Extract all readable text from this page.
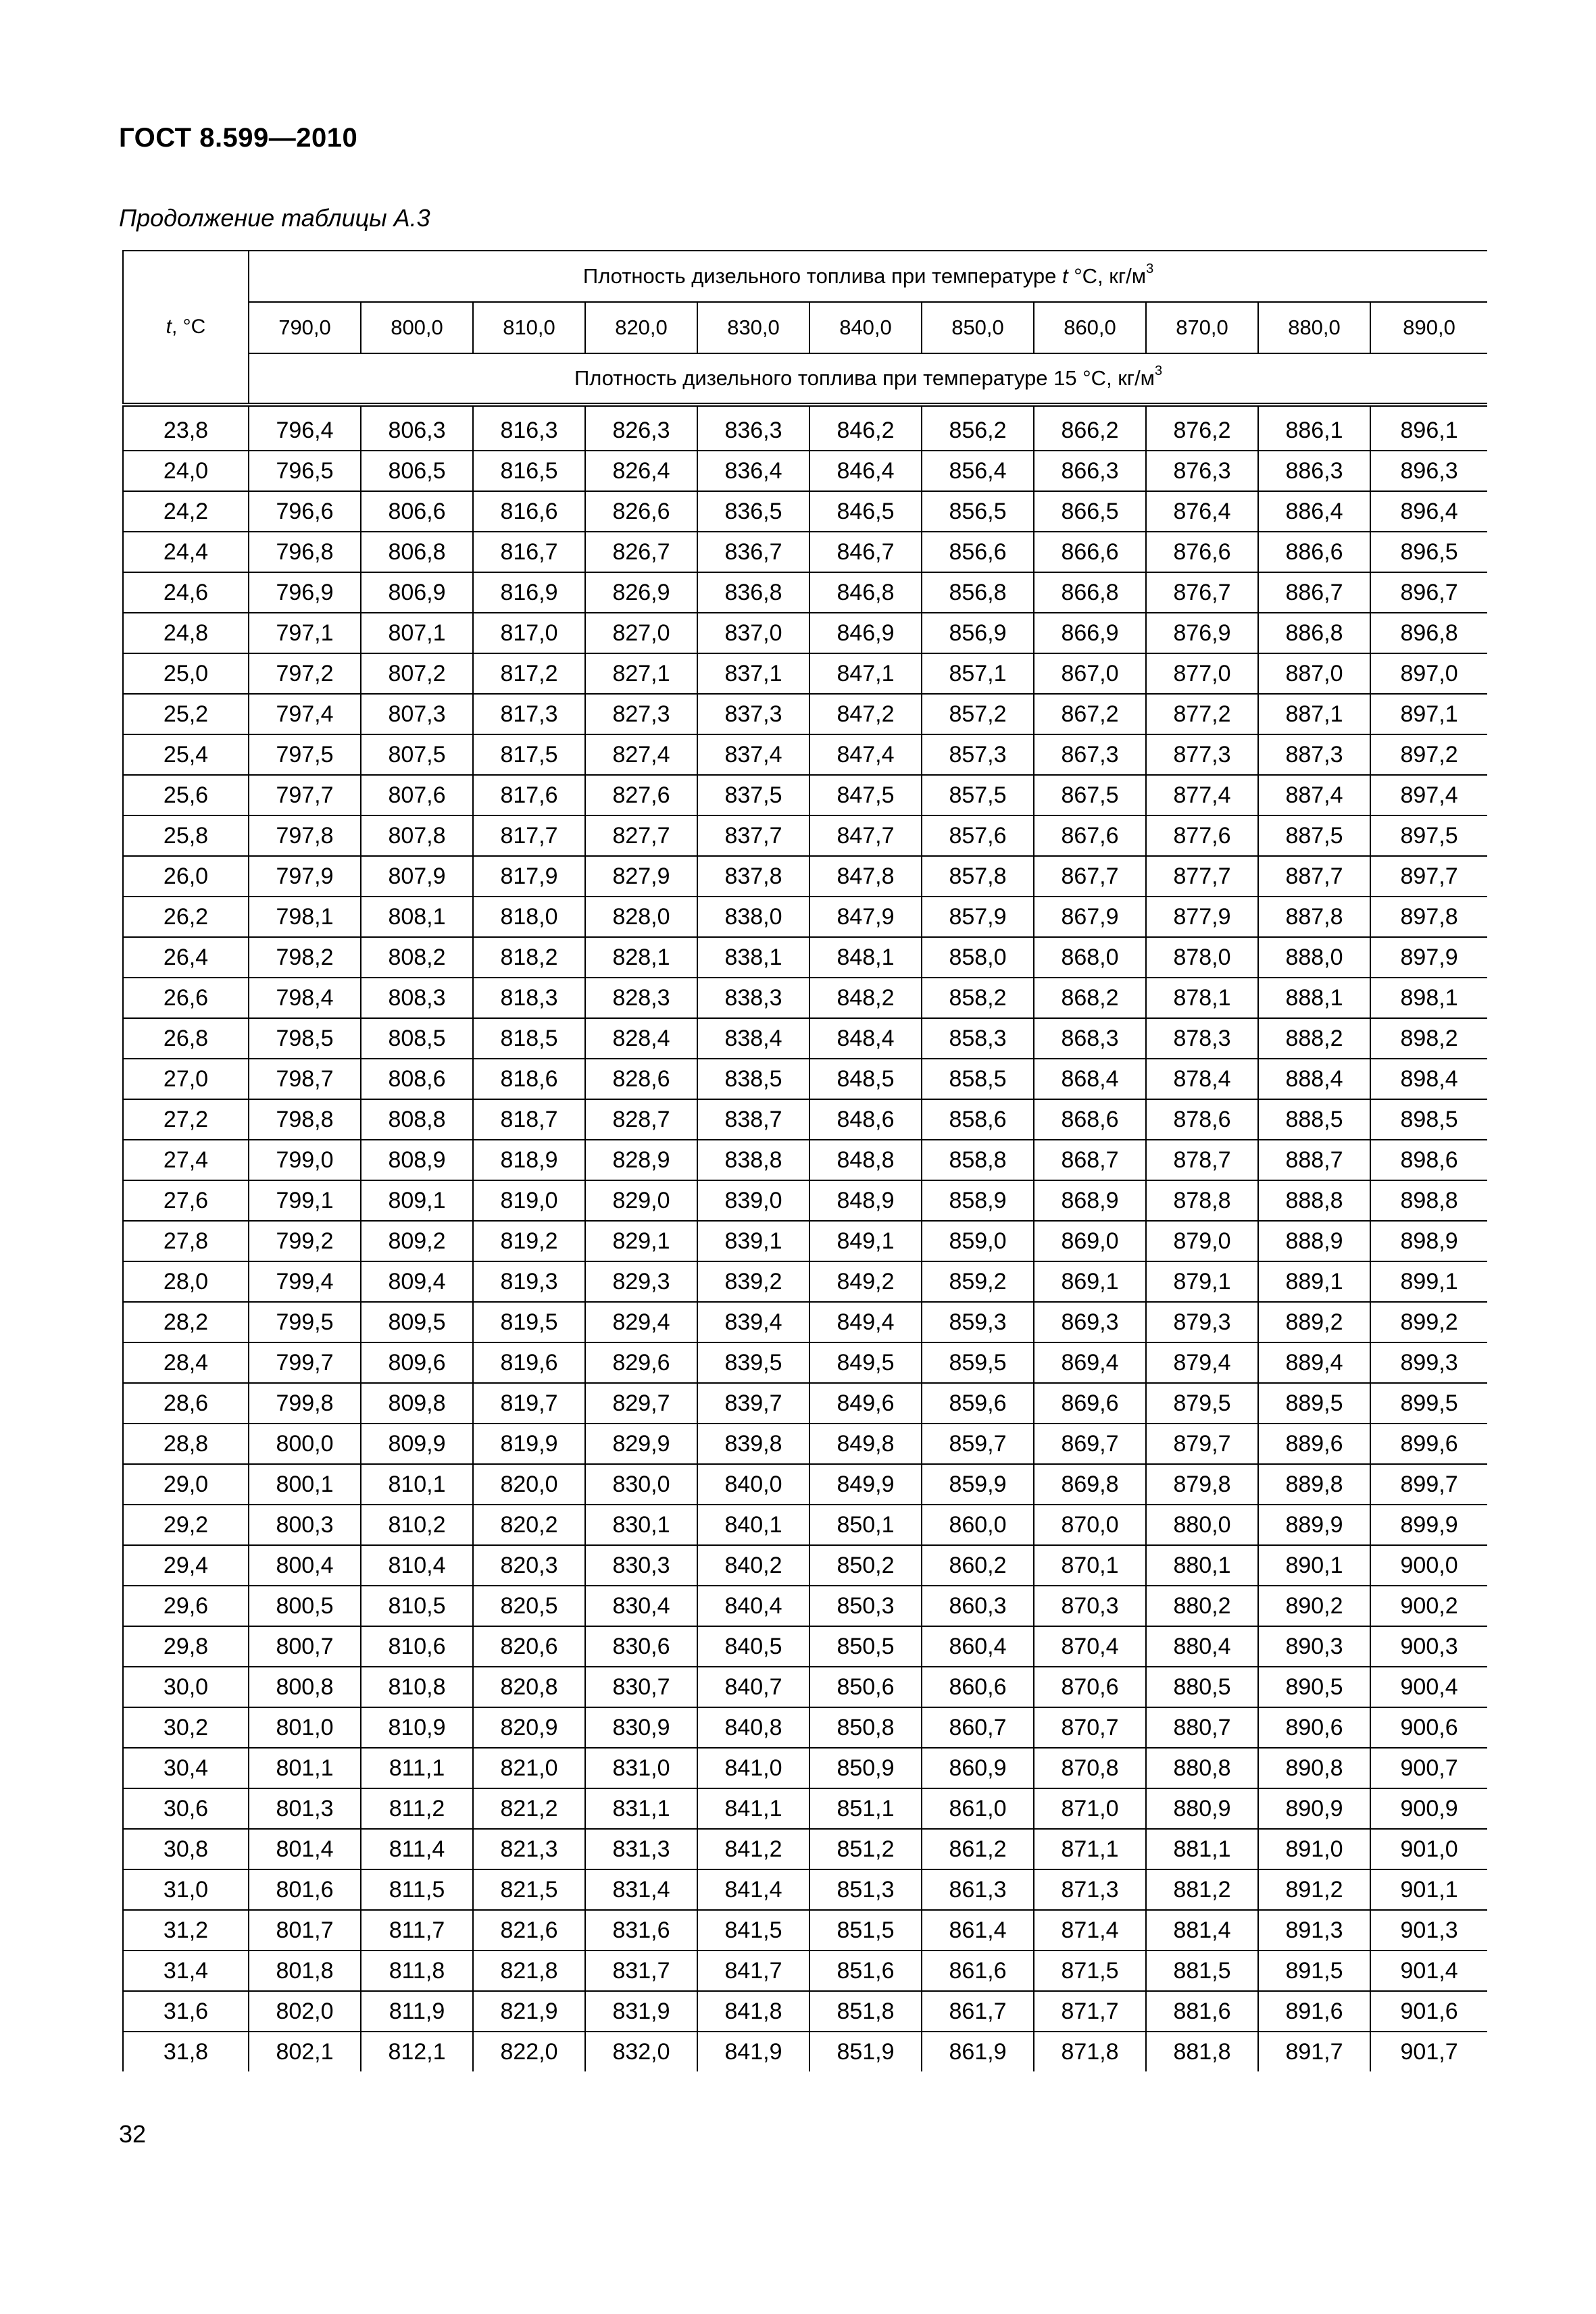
ГОСТ 8.599—2010
Продолжение таблицы А.3
t, °С	Плотность дизельного топлива при температуре t °С, $кг/м^3$
	790,0	800,0	810,0	820,0	830,0	840,0	850,0	860,0	870,0	880,0	890,0
	Плотность дизельного топлива при температуре 15 °С, $кг/м^3$
23,8	796,4	806,3	816,3	826,3	836,3	846,2	856,2	866,2	876,2	886,1	896,1
24,0	796,5	806,5	816,5	826,4	836,4	846,4	856,4	866,3	876,3	886,3	896,3
24,2	796,6	806,6	816,6	826,6	836,5	846,5	856,5	866,5	876,4	886,4	896,4
24,4	796,8	806,8	816,7	826,7	836,7	846,7	856,6	866,6	876,6	886,6	896,5
24,6	796,9	806,9	816,9	826,9	836,8	846,8	856,8	866,8	876,7	886,7	896,7
24,8	797,1	807,1	817,0	827,0	837,0	846,9	856,9	866,9	876,9	886,8	896,8
25,0	797,2	807,2	817,2	827,1	837,1	847,1	857,1	867,0	877,0	887,0	897,0
25,2	797,4	807,3	817,3	827,3	837,3	847,2	857,2	867,2	877,2	887,1	897,1
25,4	797,5	807,5	817,5	827,4	837,4	847,4	857,3	867,3	877,3	887,3	897,2
25,6	797,7	807,6	817,6	827,6	837,5	847,5	857,5	867,5	877,4	887,4	897,4
25,8	797,8	807,8	817,7	827,7	837,7	847,7	857,6	867,6	877,6	887,5	897,5
26,0	797,9	807,9	817,9	827,9	837,8	847,8	857,8	867,7	877,7	887,7	897,7
26,2	798,1	808,1	818,0	828,0	838,0	847,9	857,9	867,9	877,9	887,8	897,8
26,4	798,2	808,2	818,2	828,1	838,1	848,1	858,0	868,0	878,0	888,0	897,9
26,6	798,4	808,3	818,3	828,3	838,3	848,2	858,2	868,2	878,1	888,1	898,1
26,8	798,5	808,5	818,5	828,4	838,4	848,4	858,3	868,3	878,3	888,2	898,2
27,0	798,7	808,6	818,6	828,6	838,5	848,5	858,5	868,4	878,4	888,4	898,4
27,2	798,8	808,8	818,7	828,7	838,7	848,6	858,6	868,6	878,6	888,5	898,5
27,4	799,0	808,9	818,9	828,9	838,8	848,8	858,8	868,7	878,7	888,7	898,6
27,6	799,1	809,1	819,0	829,0	839,0	848,9	858,9	868,9	878,8	888,8	898,8
27,8	799,2	809,2	819,2	829,1	839,1	849,1	859,0	869,0	879,0	888,9	898,9
28,0	799,4	809,4	819,3	829,3	839,2	849,2	859,2	869,1	879,1	889,1	899,1
28,2	799,5	809,5	819,5	829,4	839,4	849,4	859,3	869,3	879,3	889,2	899,2
28,4	799,7	809,6	819,6	829,6	839,5	849,5	859,5	869,4	879,4	889,4	899,3
28,6	799,8	809,8	819,7	829,7	839,7	849,6	859,6	869,6	879,5	889,5	899,5
28,8	800,0	809,9	819,9	829,9	839,8	849,8	859,7	869,7	879,7	889,6	899,6
29,0	800,1	810,1	820,0	830,0	840,0	849,9	859,9	869,8	879,8	889,8	899,7
29,2	800,3	810,2	820,2	830,1	840,1	850,1	860,0	870,0	880,0	889,9	899,9
29,4	800,4	810,4	820,3	830,3	840,2	850,2	860,2	870,1	880,1	890,1	900,0
29,6	800,5	810,5	820,5	830,4	840,4	850,3	860,3	870,3	880,2	890,2	900,2
29,8	800,7	810,6	820,6	830,6	840,5	850,5	860,4	870,4	880,4	890,3	900,3
30,0	800,8	810,8	820,8	830,7	840,7	850,6	860,6	870,6	880,5	890,5	900,4
30,2	801,0	810,9	820,9	830,9	840,8	850,8	860,7	870,7	880,7	890,6	900,6
30,4	801,1	811,1	821,0	831,0	841,0	850,9	860,9	870,8	880,8	890,8	900,7
30,6	801,3	811,2	821,2	831,1	841,1	851,1	861,0	871,0	880,9	890,9	900,9
30,8	801,4	811,4	821,3	831,3	841,2	851,2	861,2	871,1	881,1	891,0	901,0
31,0	801,6	811,5	821,5	831,4	841,4	851,3	861,3	871,3	881,2	891,2	901,1
31,2	801,7	811,7	821,6	831,6	841,5	851,5	861,4	871,4	881,4	891,3	901,3
31,4	801,8	811,8	821,8	831,7	841,7	851,6	861,6	871,5	881,5	891,5	901,4
31,6	802,0	811,9	821,9	831,9	841,8	851,8	861,7	871,7	881,6	891,6	901,6
31,8	802,1	812,1	822,0	832,0	841,9	851,9	861,9	871,8	881,8	891,7	901,7
32
